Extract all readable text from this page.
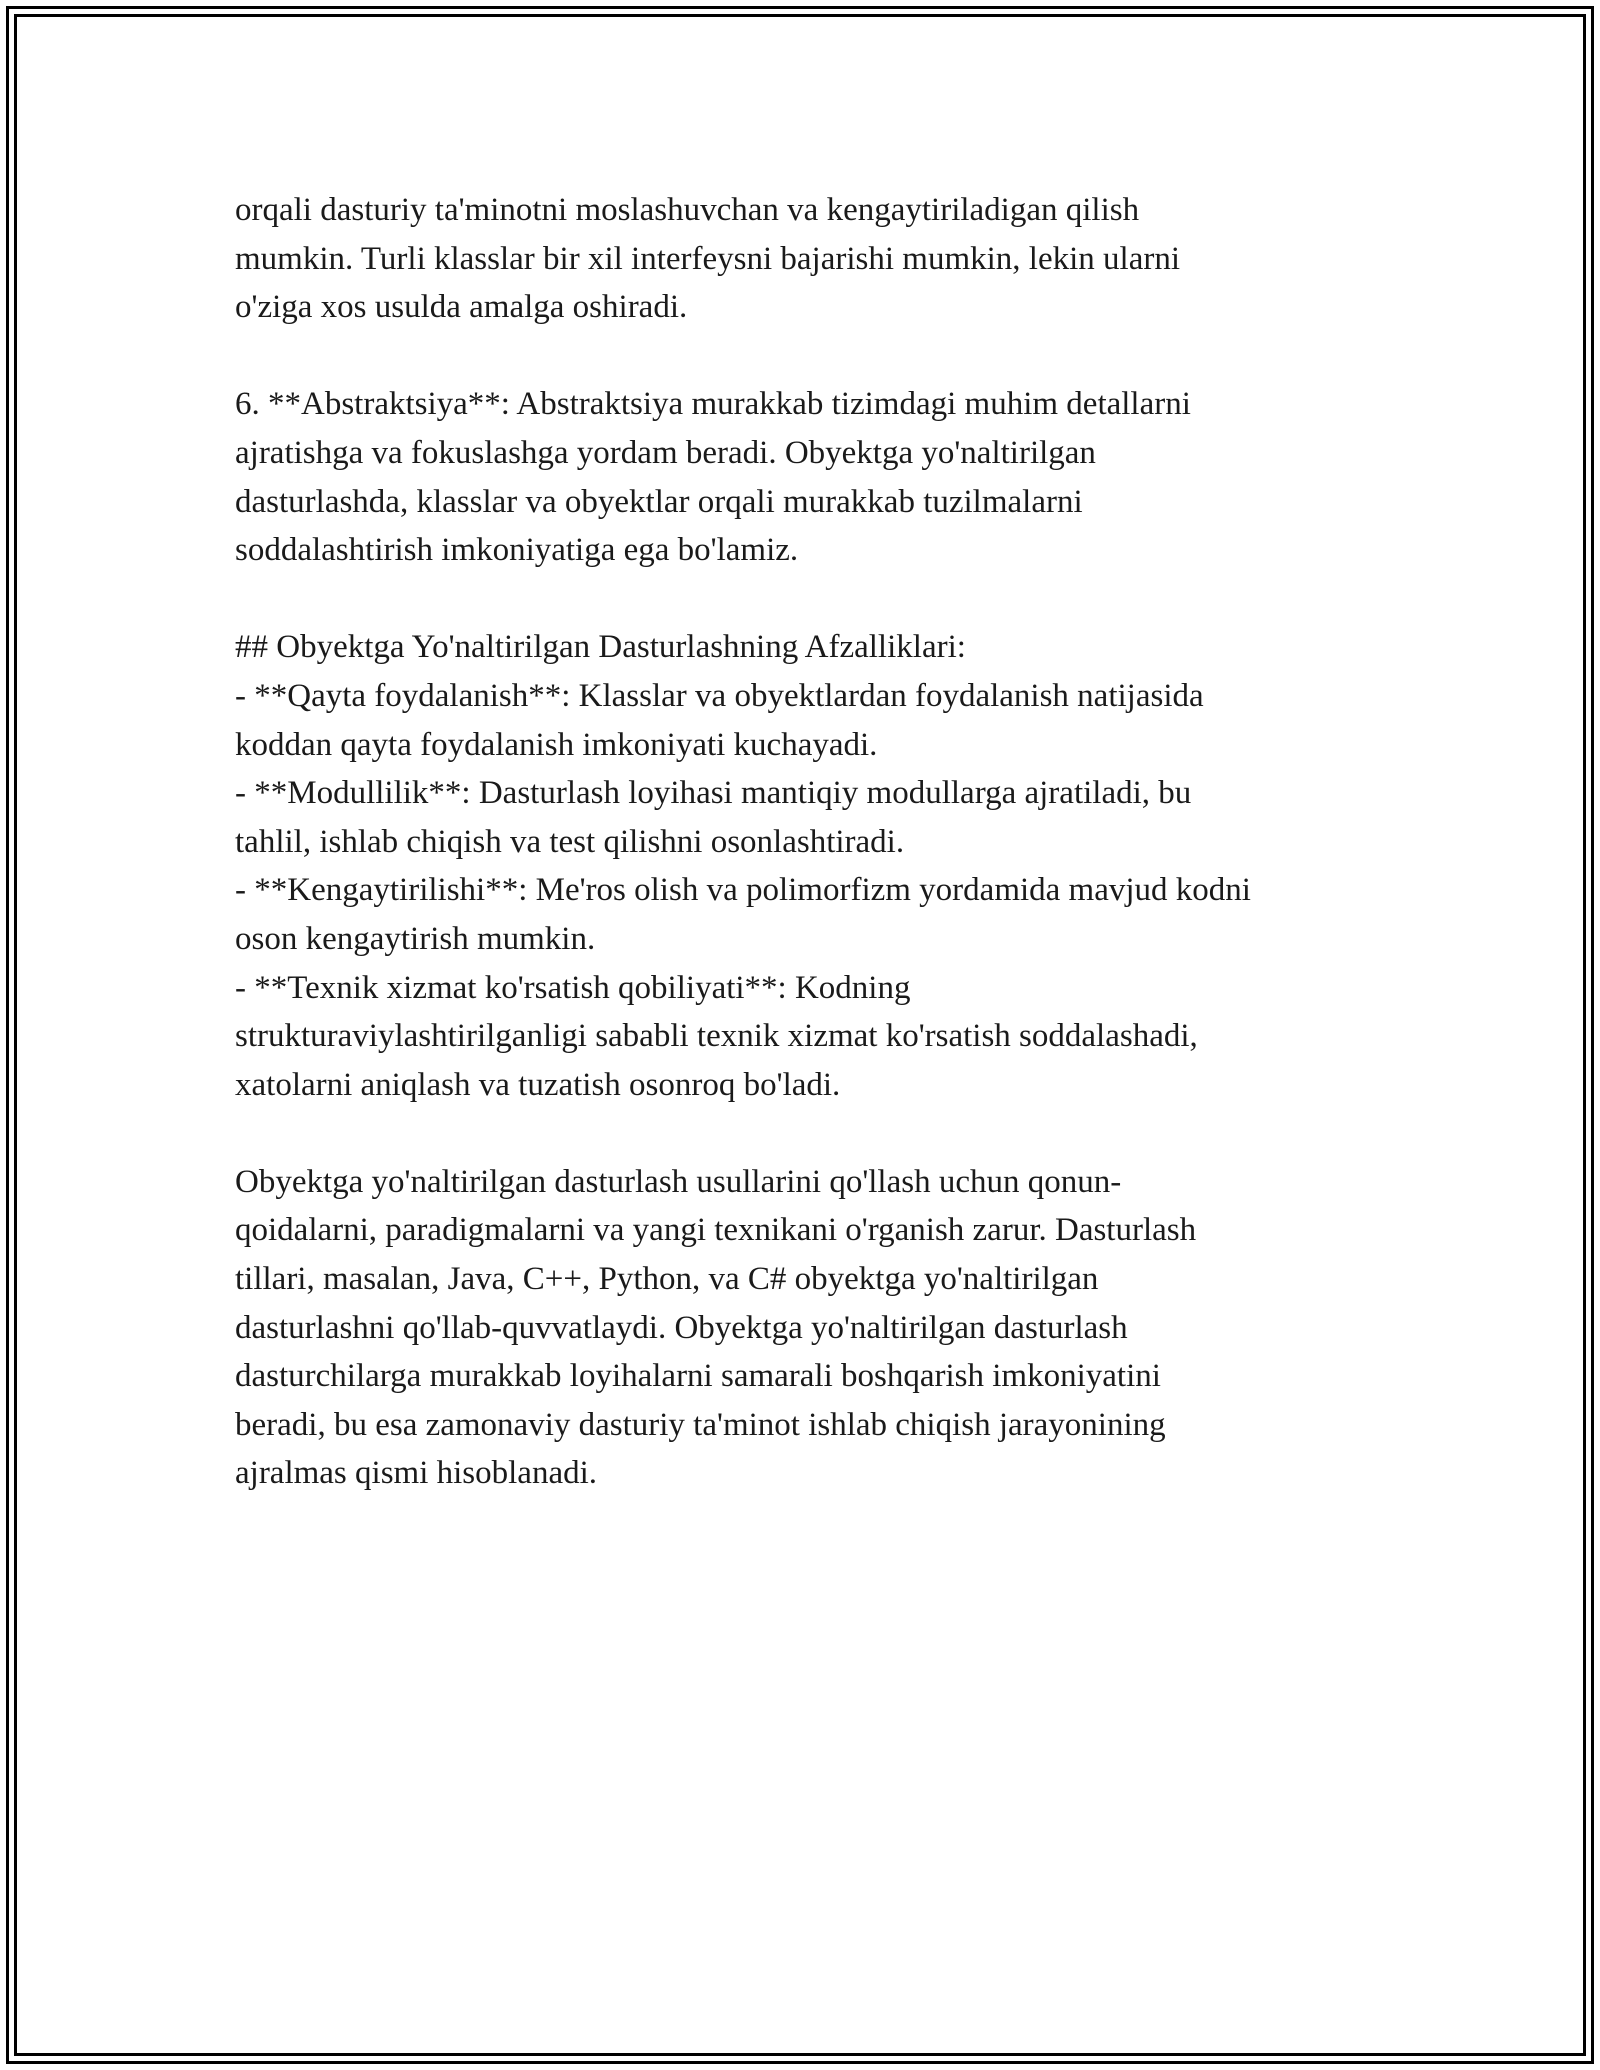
orqali dasturiy ta'minotni moslashuvchan va kengaytiriladigan qilish
mumkin. Turli klasslar bir xil interfeysni bajarishi mumkin, lekin ularni
o'ziga xos usulda amalga oshiradi.

6. **Abstraktsiya**: Abstraktsiya murakkab tizimdagi muhim detallarni
ajratishga va fokuslashga yordam beradi. Obyektga yo'naltirilgan
dasturlashda, klasslar va obyektlar orqali murakkab tuzilmalarni
soddalashtirish imkoniyatiga ega bo'lamiz.

## Obyektga Yo'naltirilgan Dasturlashning Afzalliklari:
- **Qayta foydalanish**: Klasslar va obyektlardan foydalanish natijasida
koddan qayta foydalanish imkoniyati kuchayadi.
- **Modullilik**: Dasturlash loyihasi mantiqiy modullarga ajratiladi, bu
tahlil, ishlab chiqish va test qilishni osonlashtiradi.
- **Kengaytirilishi**: Me'ros olish va polimorfizm yordamida mavjud kodni
oson kengaytirish mumkin.
- **Texnik xizmat ko'rsatish qobiliyati**: Kodning
strukturaviylashtirilganligi sababli texnik xizmat ko'rsatish soddalashadi,
xatolarni aniqlash va tuzatish osonroq bo'ladi.

Obyektga yo'naltirilgan dasturlash usullarini qo'llash uchun qonun-
qoidalarni, paradigmalarni va yangi texnikani o'rganish zarur. Dasturlash
tillari, masalan, Java, C++, Python, va C# obyektga yo'naltirilgan
dasturlashni qo'llab-quvvatlaydi. Obyektga yo'naltirilgan dasturlash
dasturchilarga murakkab loyihalarni samarali boshqarish imkoniyatini
beradi, bu esa zamonaviy dasturiy ta'minot ishlab chiqish jarayonining
ajralmas qismi hisoblanadi.
